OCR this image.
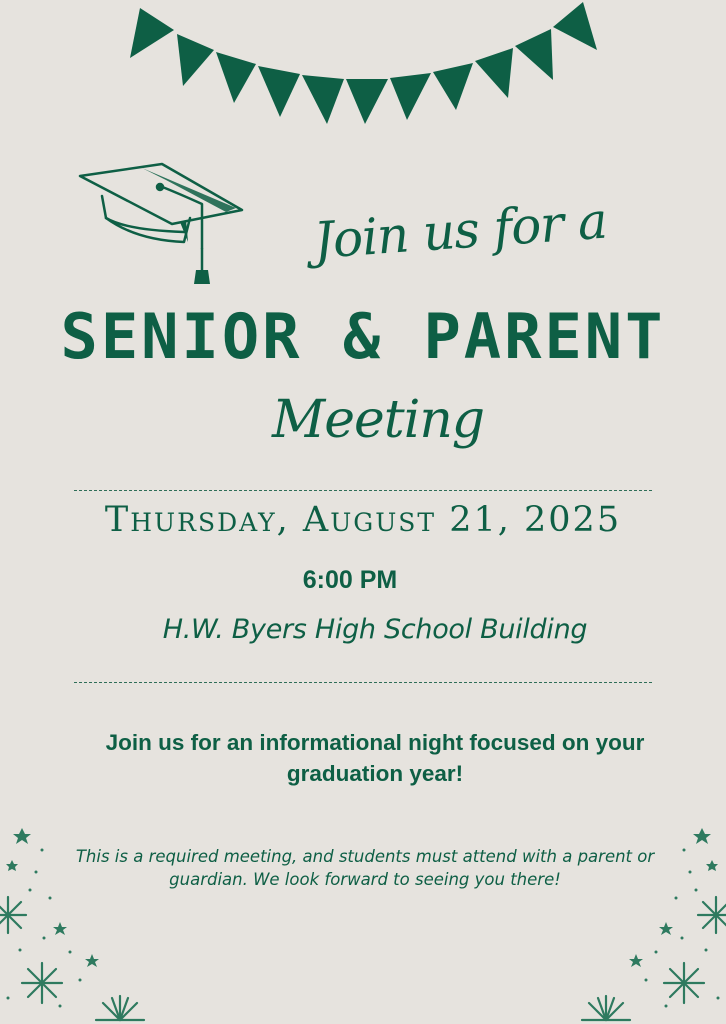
Join us for a
SENIOR & PARENT
Meeting
Thursday, August 21, 2025
6:00 PM
H.W. Byers High School Building
Join us for an informational night focused on your graduation year!
This is a required meeting, and students must attend with a parent or guardian. We look forward to seeing you there!
